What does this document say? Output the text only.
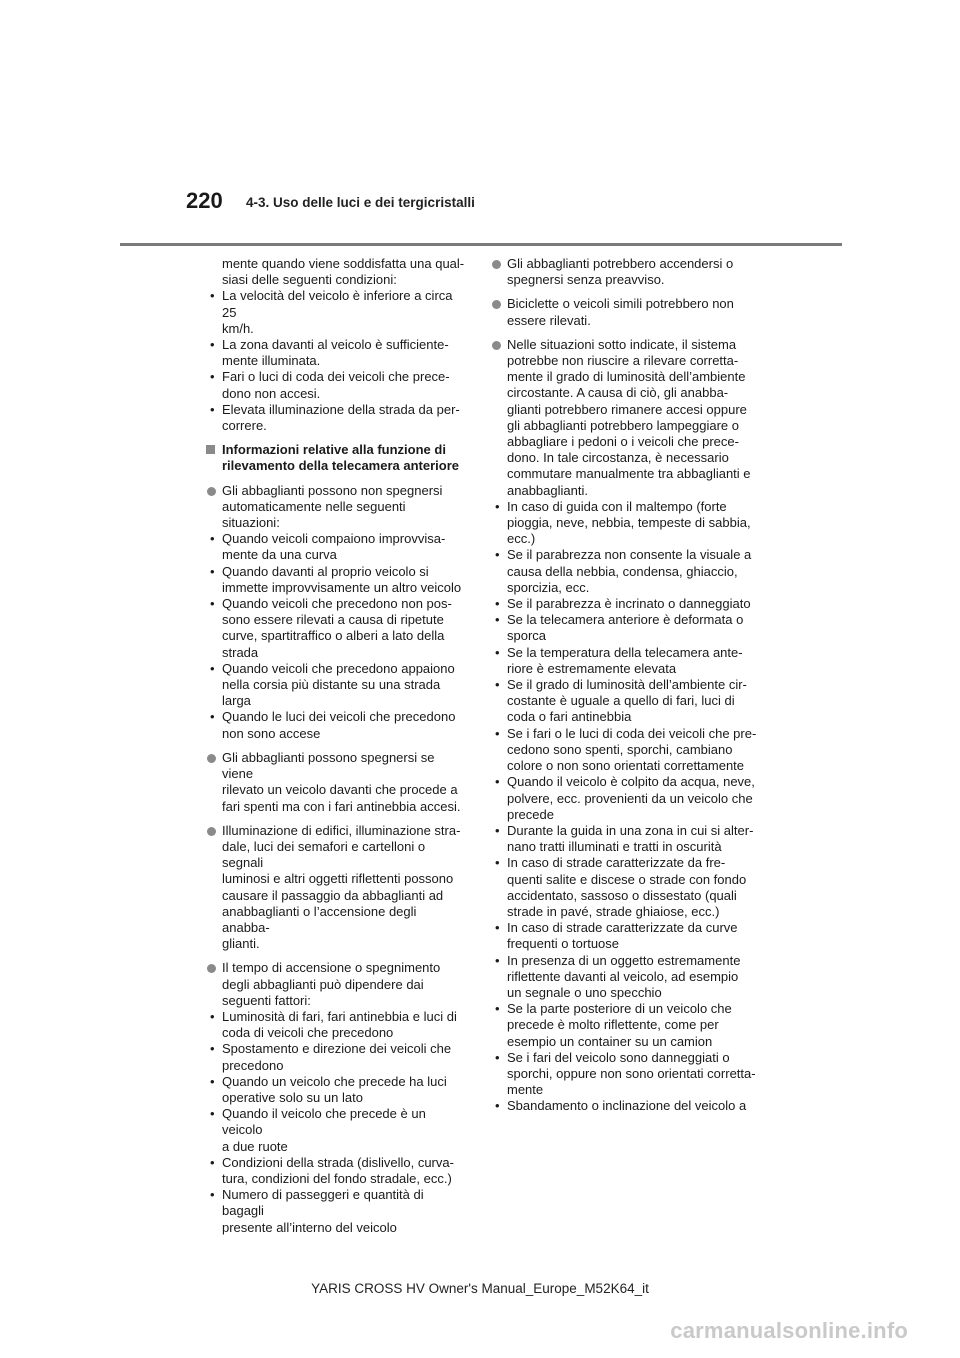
220 4-3. Uso delle luci e dei tergicristalli
mente quando viene soddisfatta una qual-
siasi delle seguenti condizioni:
• La velocità del veicolo è inferiore a circa 25
km/h.
• La zona davanti al veicolo è sufficiente-
mente illuminata.
• Fari o luci di coda dei veicoli che prece-
dono non accesi.
• Elevata illuminazione della strada da per-
correre.
Informazioni relative alla funzione di
rilevamento della telecamera anteriore
Gli abbaglianti possono non spegnersi
automaticamente nelle seguenti situazioni:
• Quando veicoli compaiono improvvisa-
mente da una curva
• Quando davanti al proprio veicolo si
immette improvvisamente un altro veicolo
• Quando veicoli che precedono non pos-
sono essere rilevati a causa di ripetute
curve, spartitraffico o alberi a lato della
strada
• Quando veicoli che precedono appaiono
nella corsia più distante su una strada
larga
• Quando le luci dei veicoli che precedono
non sono accese
Gli abbaglianti possono spegnersi se viene
rilevato un veicolo davanti che procede a
fari spenti ma con i fari antinebbia accesi.
Illuminazione di edifici, illuminazione stra-
dale, luci dei semafori e cartelloni o segnali
luminosi e altri oggetti riflettenti possono
causare il passaggio da abbaglianti ad
anabbaglianti o l’accensione degli anabba-
glianti.
Il tempo di accensione o spegnimento
degli abbaglianti può dipendere dai
seguenti fattori:
• Luminosità di fari, fari antinebbia e luci di
coda di veicoli che precedono
• Spostamento e direzione dei veicoli che
precedono
• Quando un veicolo che precede ha luci
operative solo su un lato
• Quando il veicolo che precede è un veicolo
a due ruote
• Condizioni della strada (dislivello, curva-
tura, condizioni del fondo stradale, ecc.)
• Numero di passeggeri e quantità di bagagli
presente all’interno del veicolo
Gli abbaglianti potrebbero accendersi o
spegnersi senza preavviso.
Biciclette o veicoli simili potrebbero non
essere rilevati.
Nelle situazioni sotto indicate, il sistema
potrebbe non riuscire a rilevare corretta-
mente il grado di luminosità dell’ambiente
circostante. A causa di ciò, gli anabba-
glianti potrebbero rimanere accesi oppure
gli abbaglianti potrebbero lampeggiare o
abbagliare i pedoni o i veicoli che prece-
dono. In tale circostanza, è necessario
commutare manualmente tra abbaglianti e
anabbaglianti.
• In caso di guida con il maltempo (forte
pioggia, neve, nebbia, tempeste di sabbia,
ecc.)
• Se il parabrezza non consente la visuale a
causa della nebbia, condensa, ghiaccio,
sporcizia, ecc.
• Se il parabrezza è incrinato o danneggiato
• Se la telecamera anteriore è deformata o
sporca
• Se la temperatura della telecamera ante-
riore è estremamente elevata
• Se il grado di luminosità dell’ambiente cir-
costante è uguale a quello di fari, luci di
coda o fari antinebbia
• Se i fari o le luci di coda dei veicoli che pre-
cedono sono spenti, sporchi, cambiano
colore o non sono orientati correttamente
• Quando il veicolo è colpito da acqua, neve,
polvere, ecc. provenienti da un veicolo che
precede
• Durante la guida in una zona in cui si alter-
nano tratti illuminati e tratti in oscurità
• In caso di strade caratterizzate da fre-
quenti salite e discese o strade con fondo
accidentato, sassoso o dissestato (quali
strade in pavé, strade ghiaiose, ecc.)
• In caso di strade caratterizzate da curve
frequenti o tortuose
• In presenza di un oggetto estremamente
riflettente davanti al veicolo, ad esempio
un segnale o uno specchio
• Se la parte posteriore di un veicolo che
precede è molto riflettente, come per
esempio un container su un camion
• Se i fari del veicolo sono danneggiati o
sporchi, oppure non sono orientati corretta-
mente
• Sbandamento o inclinazione del veicolo a
YARIS CROSS HV Owner's Manual_Europe_M52K64_it
carmanualsonline.info
